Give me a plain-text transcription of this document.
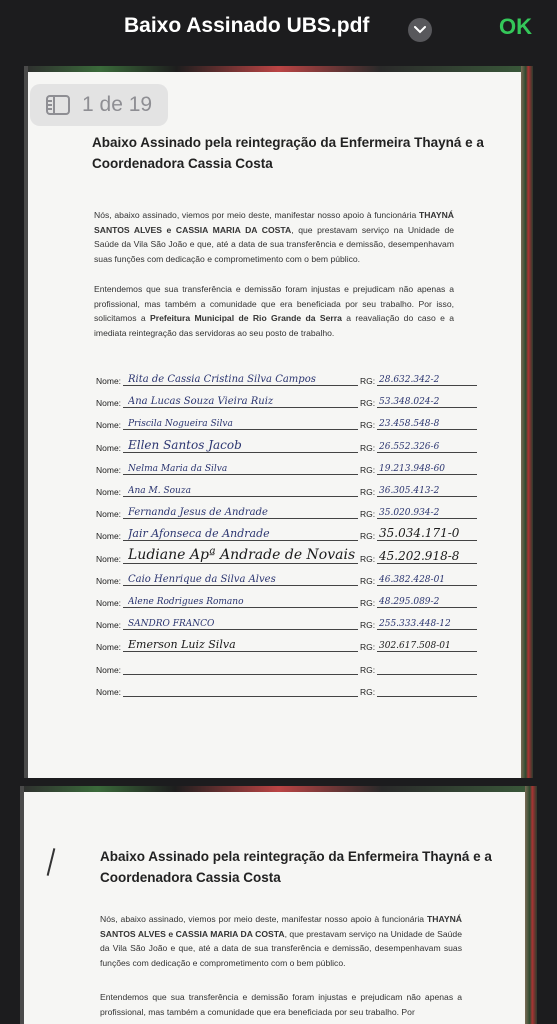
Baixo Assinado UBS.pdf	OK
Abaixo Assinado pela reintegração da Enfermeira Thayná e a
Coordenadora Cassia Costa
Nós, abaixo assinado, viemos por meio deste, manifestar nosso apoio à funcionária THAYNÁ SANTOS ALVES e CASSIA MARIA DA COSTA, que prestavam serviço na Unidade de Saúde da Vila São João e que, até a data de sua transferência e demissão, desempenhavam suas funções com dedicação e comprometimento com o bem público.
Entendemos que sua transferência e demissão foram injustas e prejudicam não apenas a profissional, mas também a comunidade que era beneficiada por seu trabalho. Por isso, solicitamos a Prefeitura Municipal de Rio Grande da Serra a reavaliação do caso e a imediata reintegração das servidoras ao seu posto de trabalho.
Nome: Rita de Cassia Cristina Silva Campos	RG: 28.632.342-2
Nome: Ana Lucas Souza Vieira Ruiz	RG: 53.348.024-2
Nome: Priscila Nogueira Silva	RG: 23.458.548-8
Nome: Ellen Santos Jacob	RG: 26.552.326-6
Nome: Nelma Maria da Silva	RG: 19.213.948-60
Nome: Ana M. Souza	RG: 36.305.413-2
Nome: Fernanda Jesus de Andrade	RG: 35.020.934-2
Nome: Jair Afonseca de Andrade	RG: 35.034.171-0
Nome: Ludiane Apª Andrade de Novais RG: 45.202.918-8
Nome: Caio Henrique da Silva Alves	RG: 46.382.428-01
Nome: Alene Rodrigues Romano	RG: 48.295.089-2
Nome: SANDRO FRANCO	RG: 255.333.448-12
Nome: Emerson Luiz Silva	RG: 302.617.508-01
Nome:	RG:
Nome:	RG:
1 de 19
Abaixo Assinado pela reintegração da Enfermeira Thayná e a
Coordenadora Cassia Costa
Nós, abaixo assinado, viemos por meio deste, manifestar nosso apoio à funcionária THAYNÁ SANTOS ALVES e CASSIA MARIA DA COSTA, que prestavam serviço na Unidade de Saúde da Vila São João e que, até a data de sua transferência e demissão, desempenhavam suas funções com dedicação e comprometimento com o bem público.
Entendemos que sua transferência e demissão foram injustas e prejudicam não apenas a profissional, mas também a comunidade que era beneficiada por seu trabalho. Por
